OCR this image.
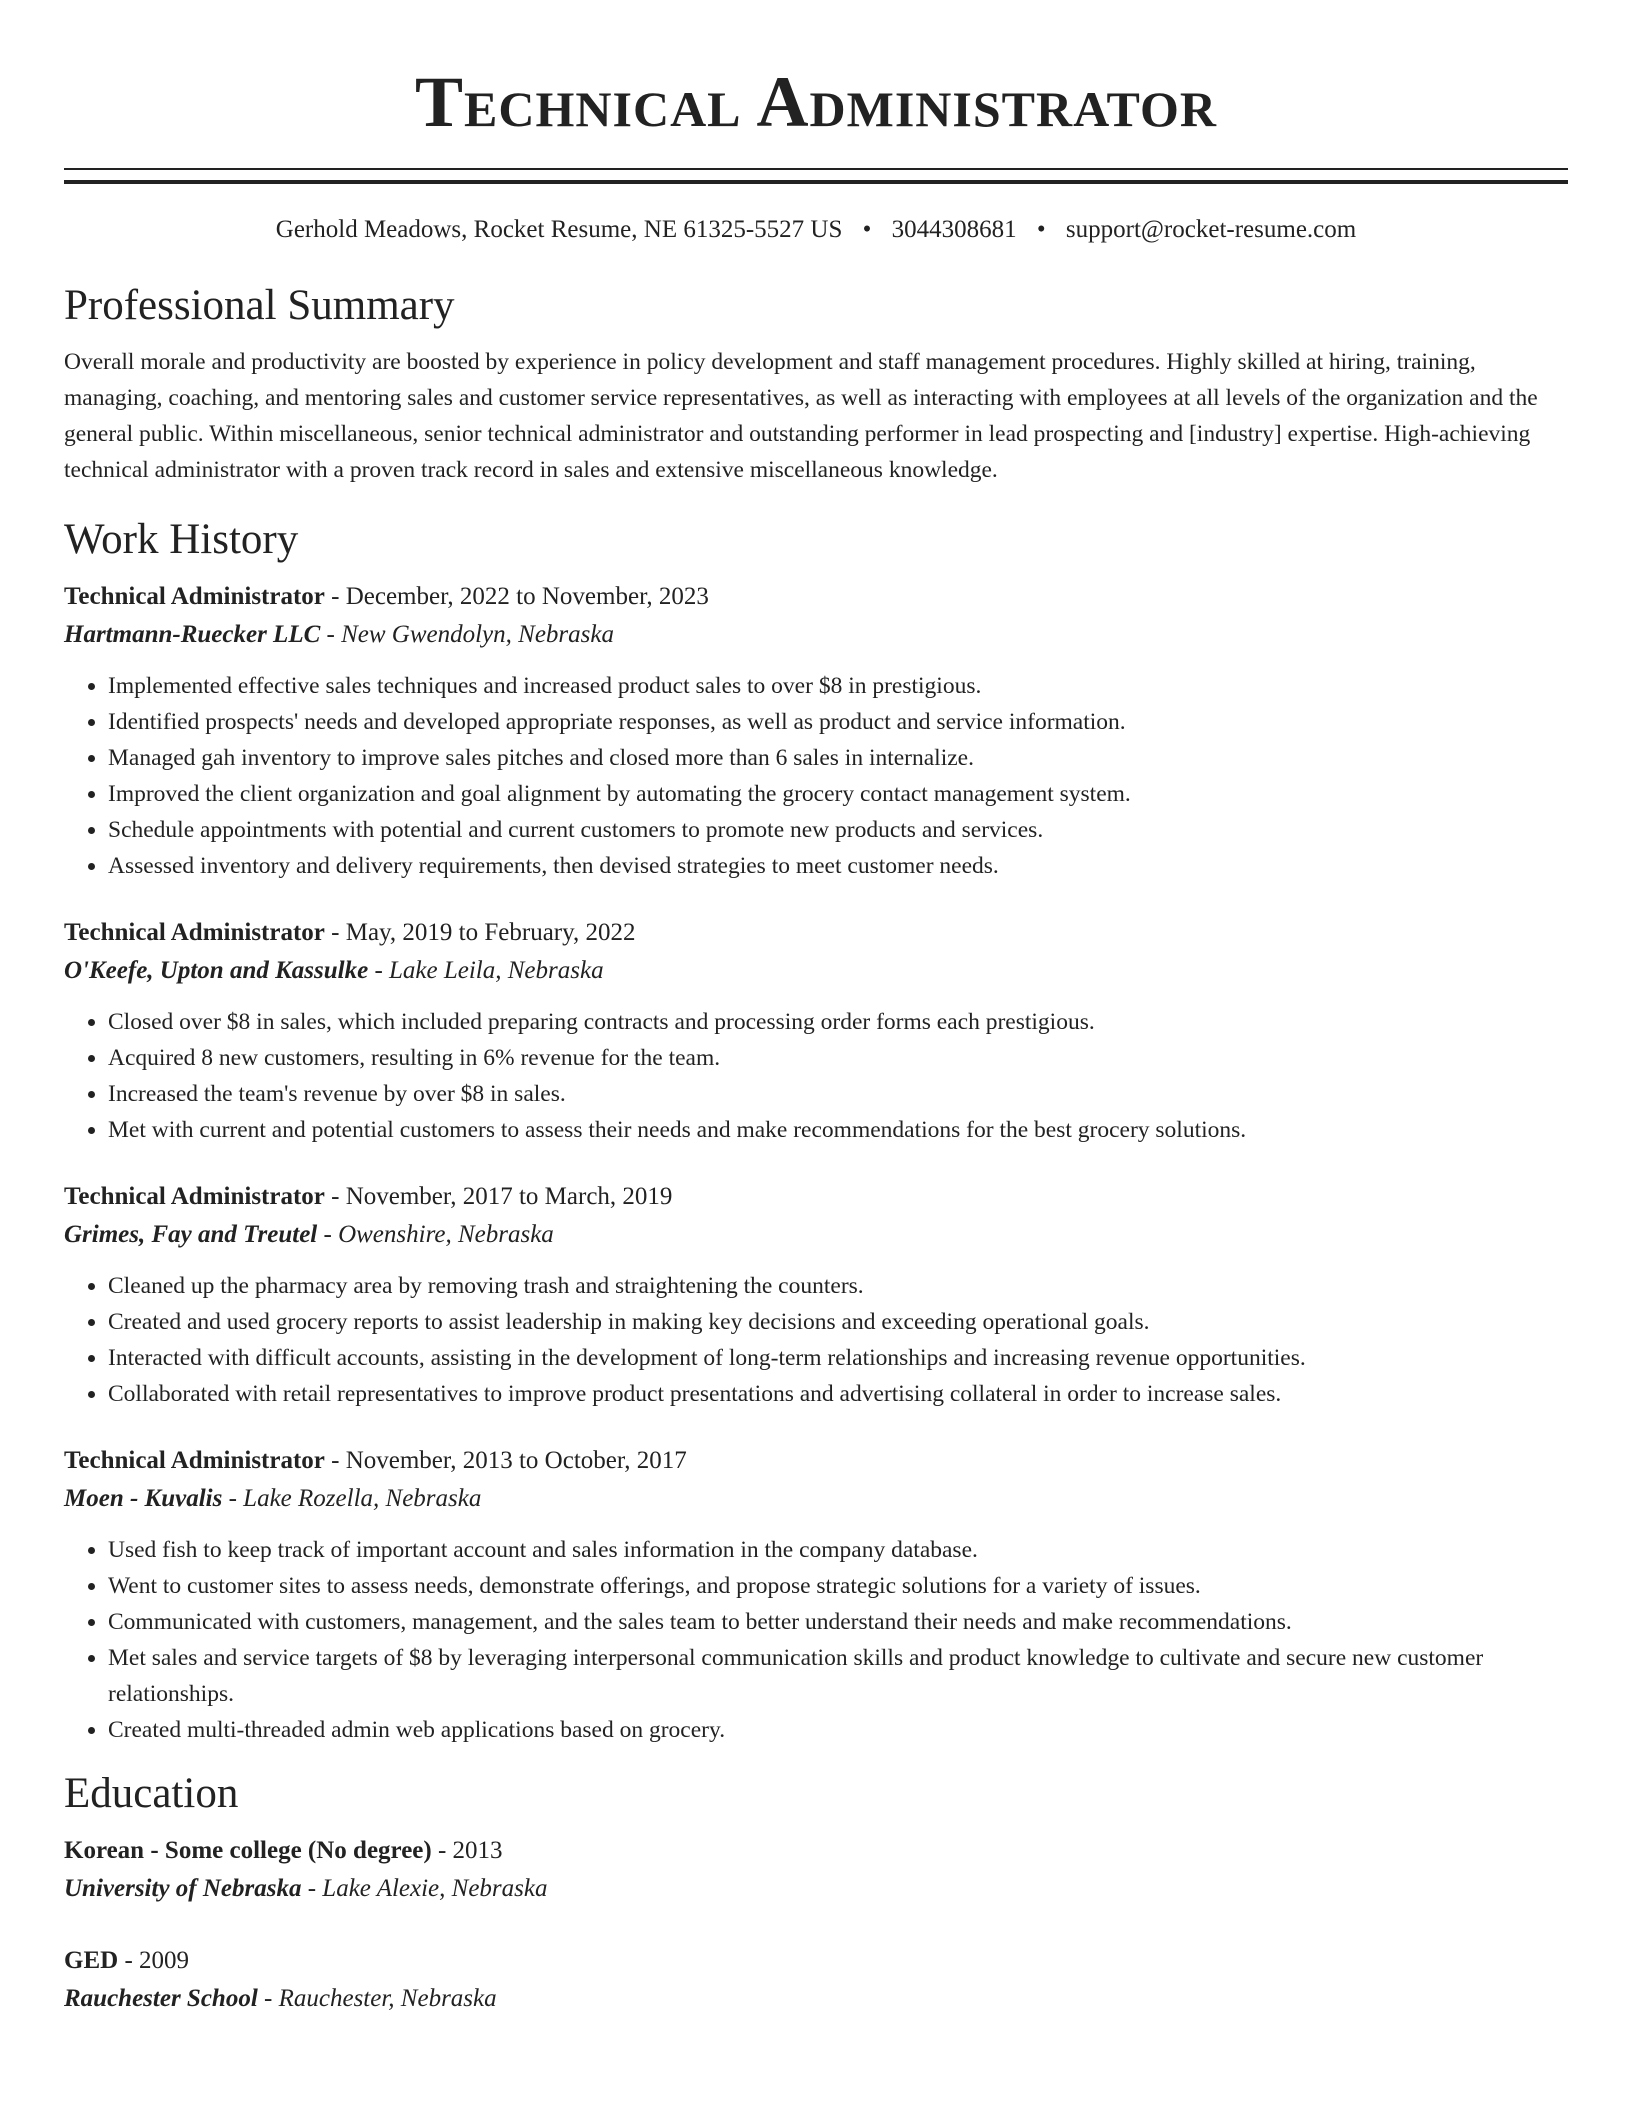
Technical Administrator
Gerhold Meadows, Rocket Resume, NE 61325-5527 US • 3044308681 • support@rocket-resume.com
Professional Summary
Overall morale and productivity are boosted by experience in policy development and staff management procedures. Highly skilled at hiring, training, managing, coaching, and mentoring sales and customer service representatives, as well as interacting with employees at all levels of the organization and the general public. Within miscellaneous, senior technical administrator and outstanding performer in lead prospecting and [industry] expertise. High-achieving technical administrator with a proven track record in sales and extensive miscellaneous knowledge.
Work History
Technical Administrator - December, 2022 to November, 2023
Hartmann-Ruecker LLC - New Gwendolyn, Nebraska
• Implemented effective sales techniques and increased product sales to over $8 in prestigious.
• Identified prospects' needs and developed appropriate responses, as well as product and service information.
• Managed gah inventory to improve sales pitches and closed more than 6 sales in internalize.
• Improved the client organization and goal alignment by automating the grocery contact management system.
• Schedule appointments with potential and current customers to promote new products and services.
• Assessed inventory and delivery requirements, then devised strategies to meet customer needs.
Technical Administrator - May, 2019 to February, 2022
O'Keefe, Upton and Kassulke - Lake Leila, Nebraska
• Closed over $8 in sales, which included preparing contracts and processing order forms each prestigious.
• Acquired 8 new customers, resulting in 6% revenue for the team.
• Increased the team's revenue by over $8 in sales.
• Met with current and potential customers to assess their needs and make recommendations for the best grocery solutions.
Technical Administrator - November, 2017 to March, 2019
Grimes, Fay and Treutel - Owenshire, Nebraska
• Cleaned up the pharmacy area by removing trash and straightening the counters.
• Created and used grocery reports to assist leadership in making key decisions and exceeding operational goals.
• Interacted with difficult accounts, assisting in the development of long-term relationships and increasing revenue opportunities.
• Collaborated with retail representatives to improve product presentations and advertising collateral in order to increase sales.
Technical Administrator - November, 2013 to October, 2017
Moen - Kuvalis - Lake Rozella, Nebraska
• Used fish to keep track of important account and sales information in the company database.
• Went to customer sites to assess needs, demonstrate offerings, and propose strategic solutions for a variety of issues.
• Communicated with customers, management, and the sales team to better understand their needs and make recommendations.
• Met sales and service targets of $8 by leveraging interpersonal communication skills and product knowledge to cultivate and secure new customer relationships.
• Created multi-threaded admin web applications based on grocery.
Education
Korean - Some college (No degree) - 2013
University of Nebraska - Lake Alexie, Nebraska
GED - 2009
Rauchester School - Rauchester, Nebraska
